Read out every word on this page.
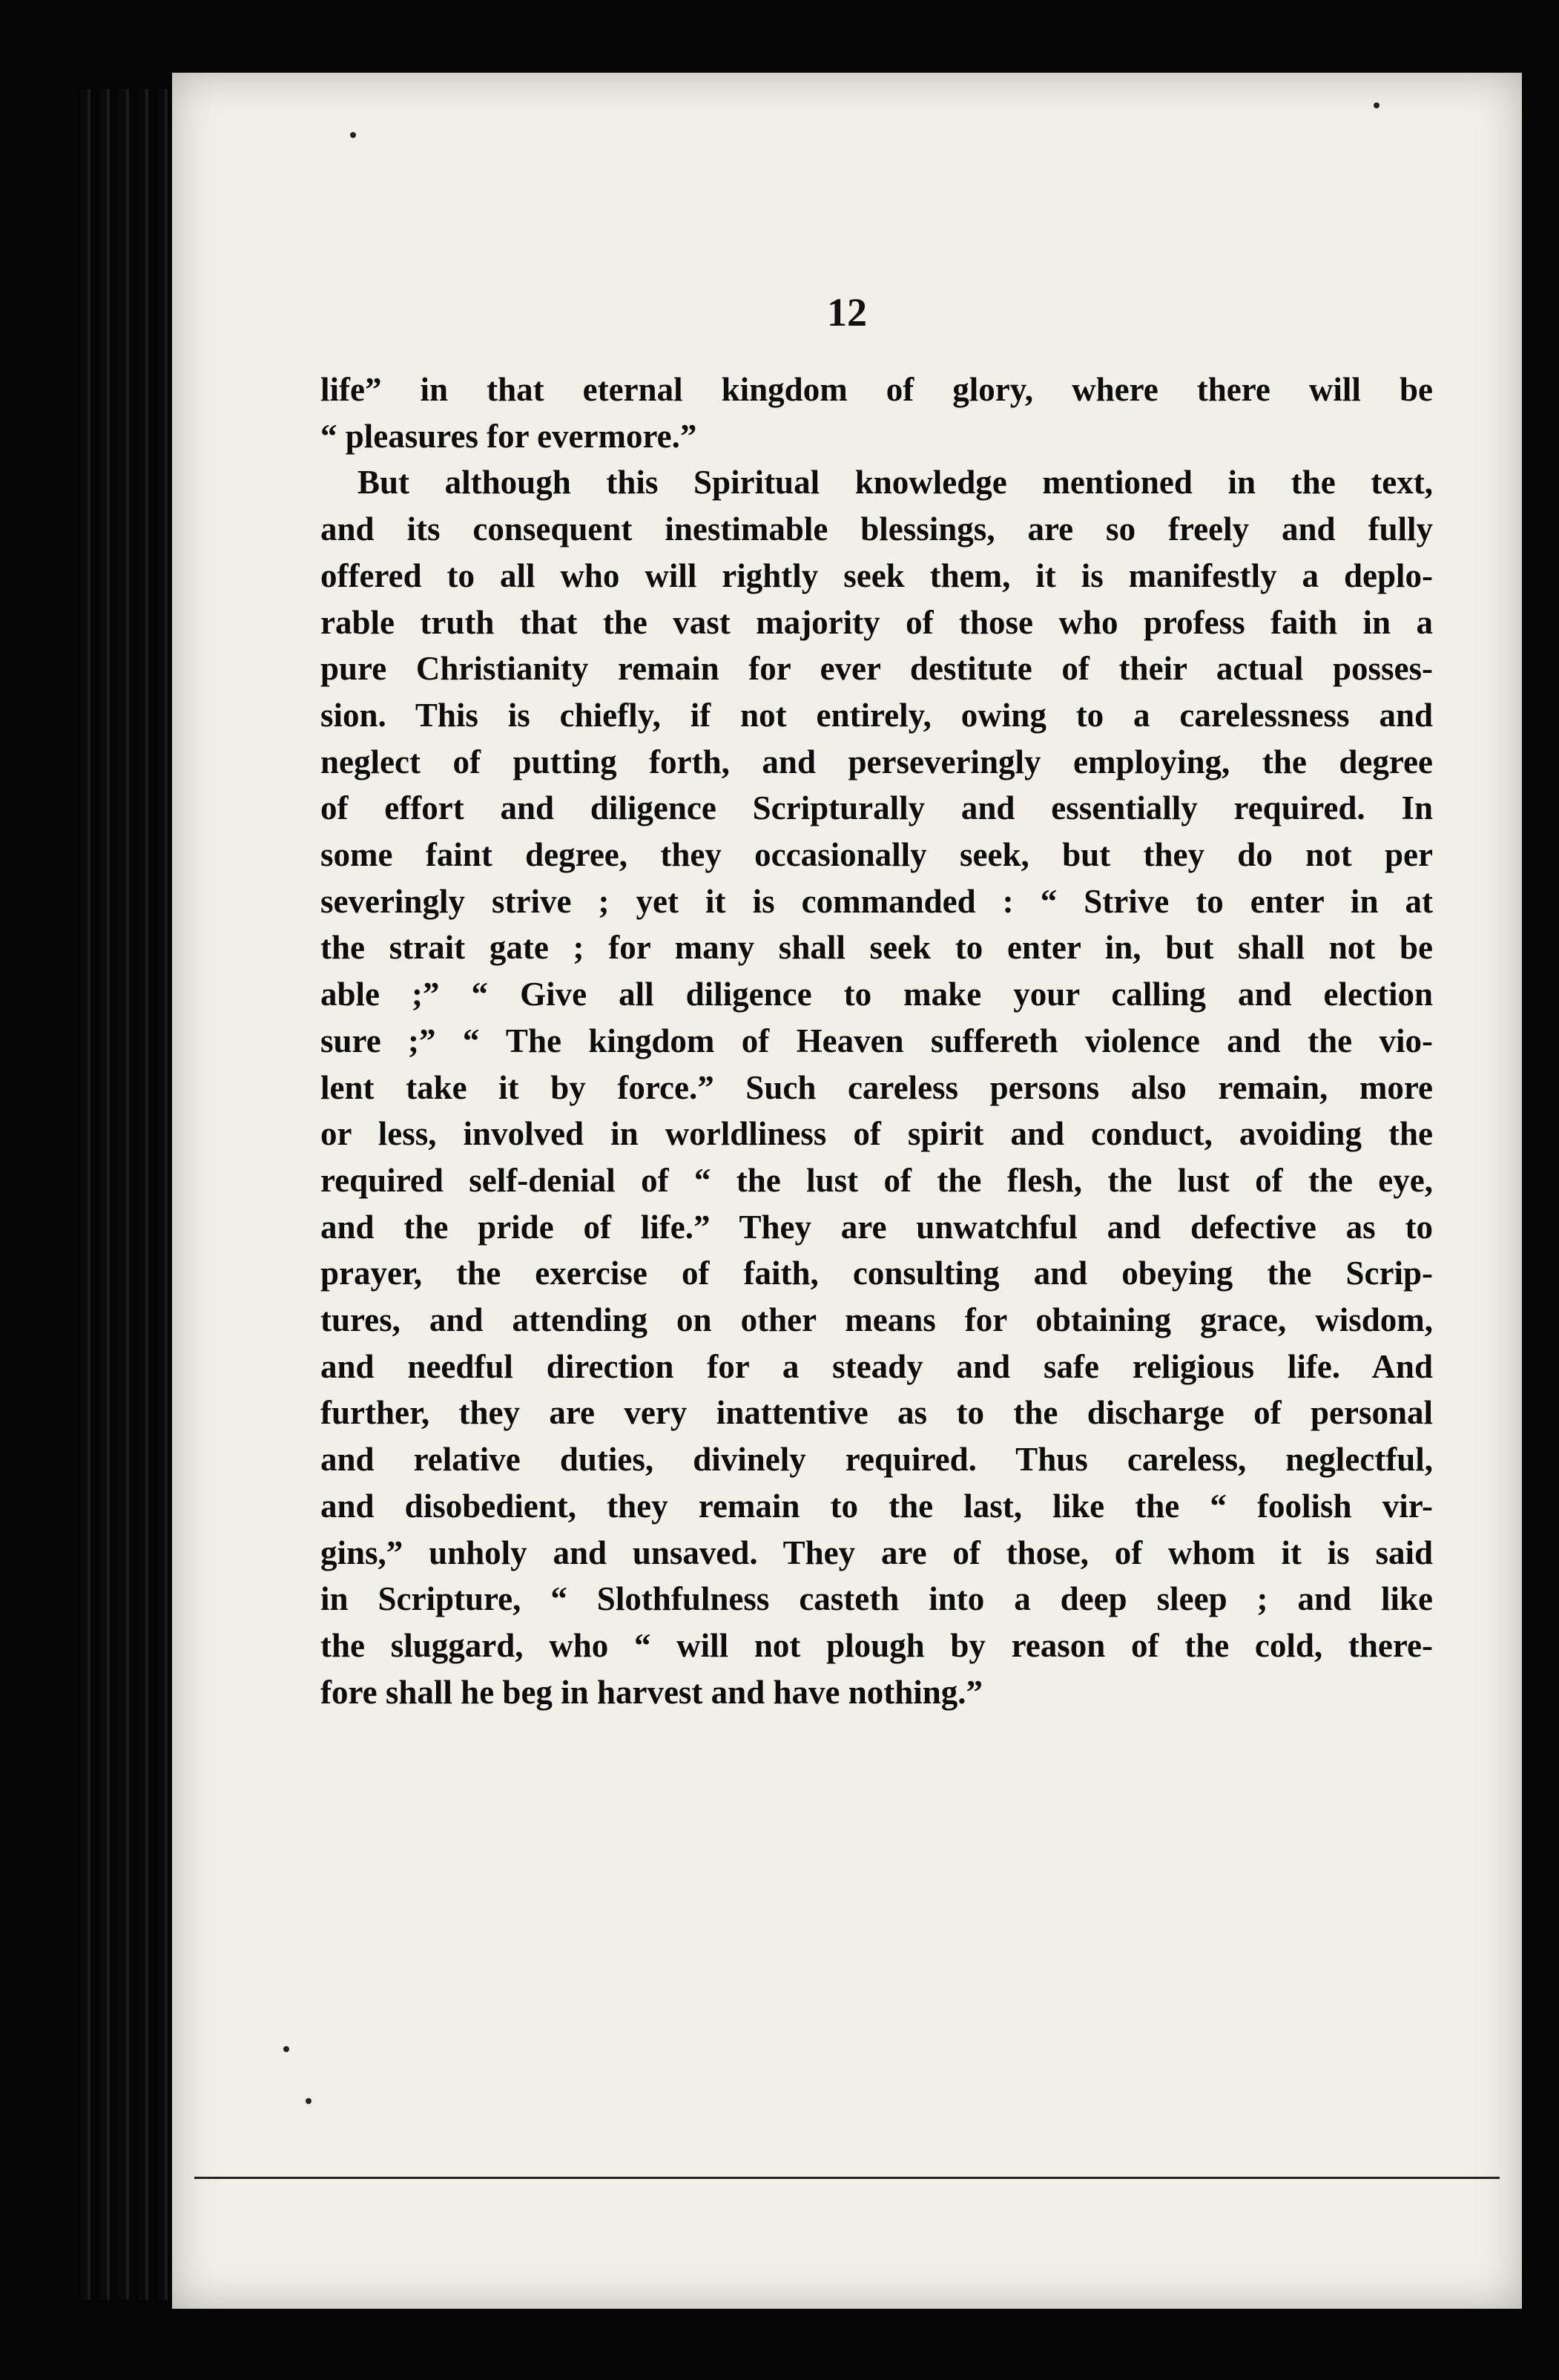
12
life” in that eternal kingdom of glory, where there will be
“ pleasures for evermore.”
But although this Spiritual knowledge mentioned in the text,
and its consequent inestimable blessings, are so freely and fully
offered to all who will rightly seek them, it is manifestly a deplo-
rable truth that the vast majority of those who profess faith in a
pure Christianity remain for ever destitute of their actual posses-
sion. This is chiefly, if not entirely, owing to a carelessness and
neglect of putting forth, and perseveringly employing, the degree
of effort and diligence Scripturally and essentially required. In
some faint degree, they occasionally seek, but they do not per
severingly strive ; yet it is commanded : “ Strive to enter in at
the strait gate ; for many shall seek to enter in, but shall not be
able ;” “ Give all diligence to make your calling and election
sure ;” “ The kingdom of Heaven suffereth violence and the vio-
lent take it by force.” Such careless persons also remain, more
or less, involved in worldliness of spirit and conduct, avoiding the
required self-denial of “ the lust of the flesh, the lust of the eye,
and the pride of life.” They are unwatchful and defective as to
prayer, the exercise of faith, consulting and obeying the Scrip-
tures, and attending on other means for obtaining grace, wisdom,
and needful direction for a steady and safe religious life. And
further, they are very inattentive as to the discharge of personal
and relative duties, divinely required. Thus careless, neglectful,
and disobedient, they remain to the last, like the “ foolish vir-
gins,” unholy and unsaved. They are of those, of whom it is said
in Scripture, “ Slothfulness casteth into a deep sleep ; and like
the sluggard, who “ will not plough by reason of the cold, there-
fore shall he beg in harvest and have nothing.”
